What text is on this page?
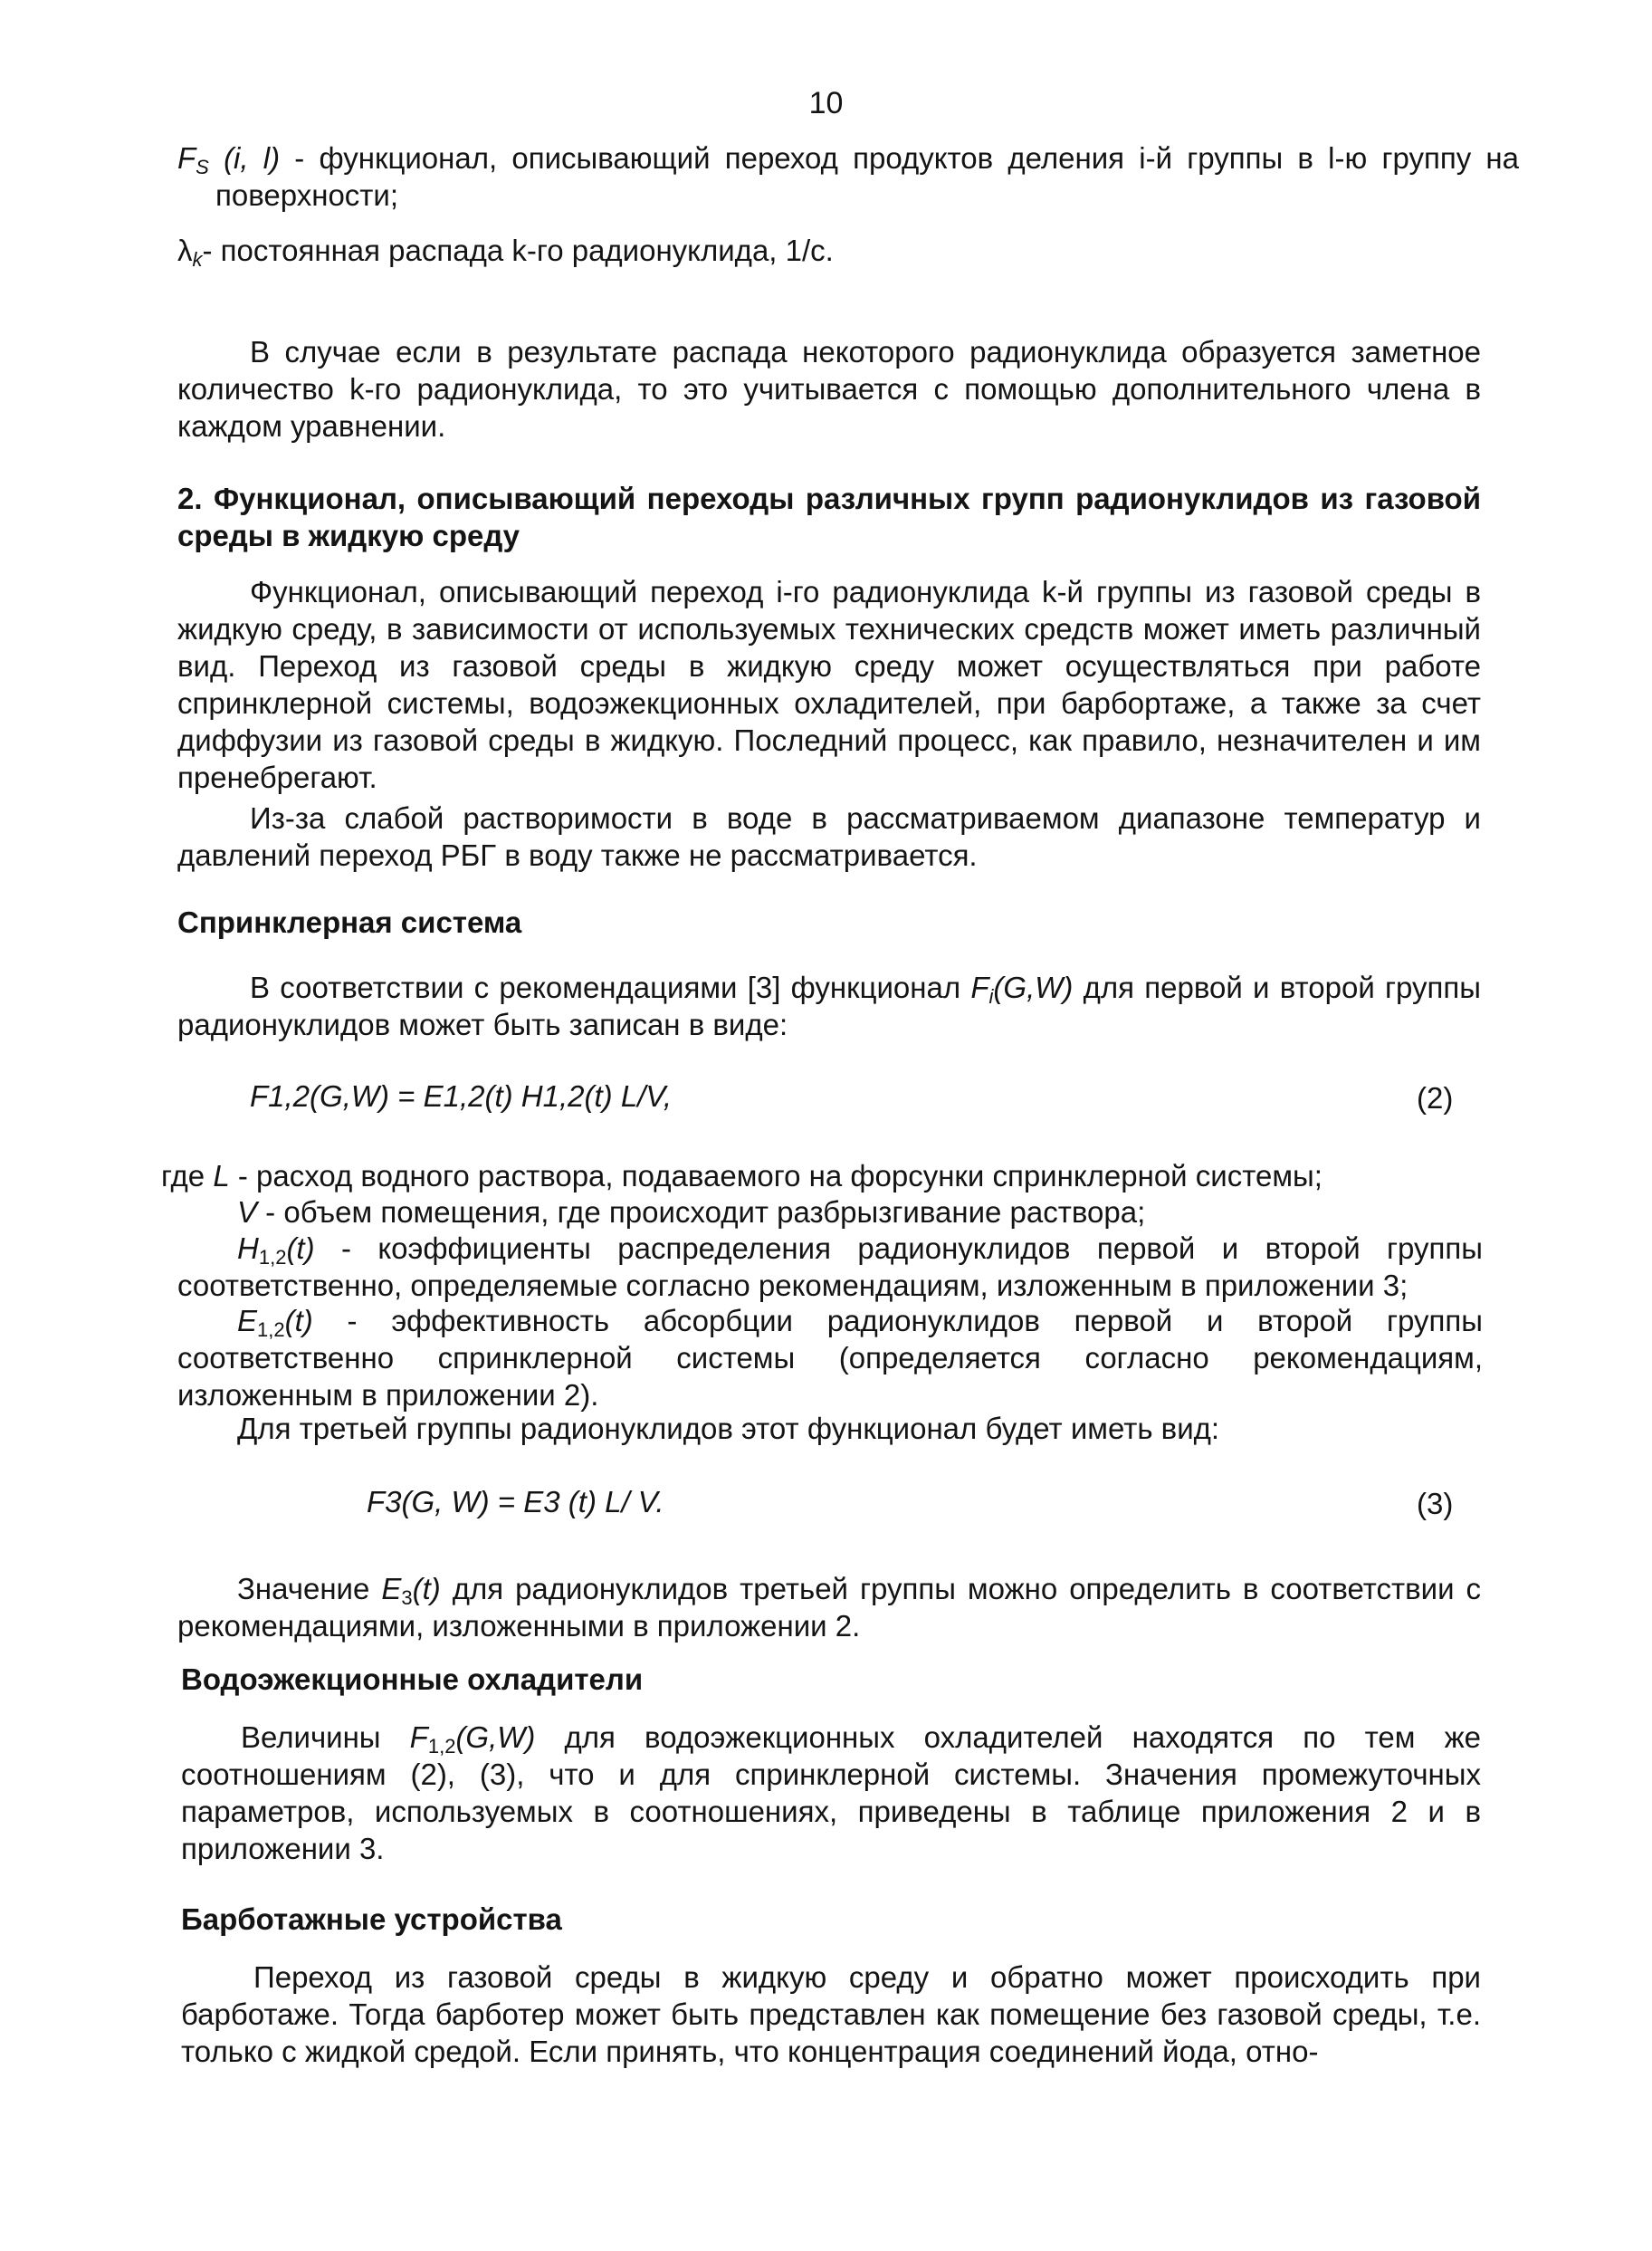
10
$F_S$ (i, l) - функционал, описывающий переход продуктов деления i-й группы в l-ю группу на поверхности;
$\lambda_k-$ постоянная распада k-го радионуклида, 1/с.
В случае если в результате распада некоторого радионуклида образуется заметное количество k-го радионуклида, то это учитывается с помощью дополнительного члена в каждом уравнении.
2. Функционал, описывающий переходы различных групп радионуклидов из газовой среды в жидкую среду
Функционал, описывающий переход i-го радионуклида k-й группы из газовой среды в жидкую среду, в зависимости от используемых технических средств может иметь различный вид. Переход из газовой среды в жидкую среду может осуществляться при работе спринклерной системы, водоэжекционных охладителей, при барбортаже, а также за счет диффузии из газовой среды в жидкую. Последний процесс, как правило, незначителен и им пренебрегают.
Из-за слабой растворимости в воде в рассматриваемом диапазоне температур и давлений переход РБГ в воду также не рассматривается.
Спринклерная система
В соответствии с рекомендациями [3] функционал $F_i(G,W)$ для первой и второй группы радионуклидов может быть записан в виде:
F1,2(G,W) = E1,2(t) H1,2(t) L/V,	(2)
где L - расход водного раствора, подаваемого на форсунки спринклерной системы;
V - объем помещения, где происходит разбрызгивание раствора;
$H_{1,2}(t)$ - коэффициенты распределения радионуклидов первой и второй группы соответственно, определяемые согласно рекомендациям, изложенным в приложении 3;
$E_{1,2}(t)$ - эффективность абсорбции радионуклидов первой и второй группы соответственно спринклерной системы (определяется согласно рекомендациям, изложенным в приложении 2).
Для третьей группы радионуклидов этот функционал будет иметь вид:
F3(G, W) = E3 (t) L/ V.	(3)
Значение $E_3(t)$ для радионуклидов третьей группы можно определить в соответствии с рекомендациями, изложенными в приложении 2.
Водоэжекционные охладители
Величины $F_{1,2}(G,W)$ для водоэжекционных охладителей находятся по тем же соотношениям (2), (3), что и для спринклерной системы. Значения промежуточных параметров, используемых в соотношениях, приведены в таблице приложения 2 и в приложении 3.
Барботажные устройства
Переход из газовой среды в жидкую среду и обратно может происходить при барботаже. Тогда барботер может быть представлен как помещение без газовой среды, т.е. только с жидкой средой. Если принять, что концентрация соединений йода, отно-
